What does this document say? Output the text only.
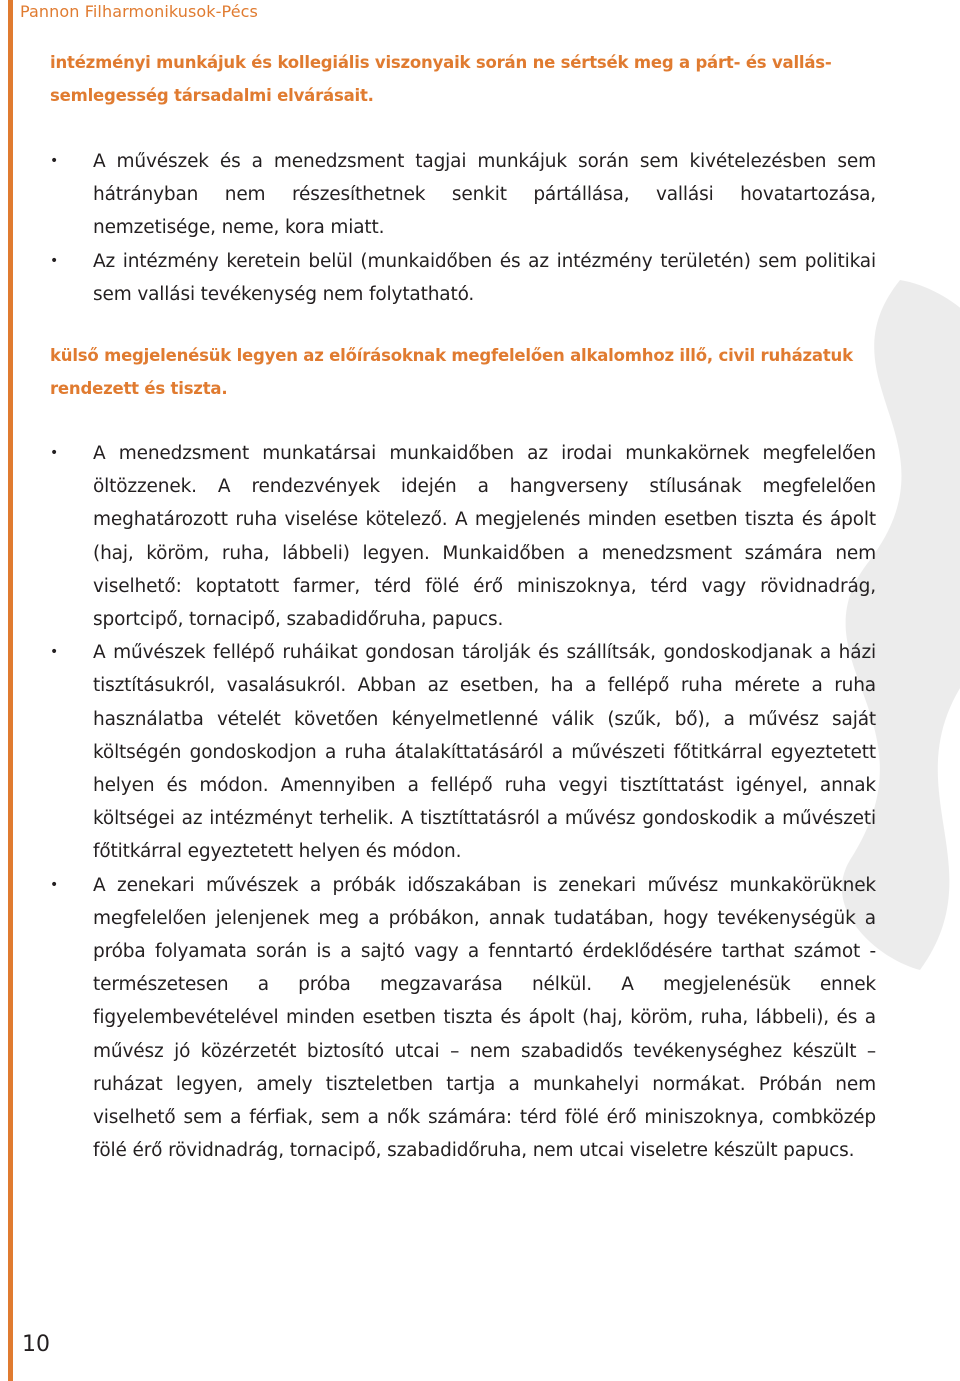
Pannon Filharmonikusok-Pécs

intézményi munkájuk és kollegiális viszonyaik során ne sértsék meg a párt- és vallás-semlegesség társadalmi elvárásait.

• A művészek és a menedzsment tagjai munkájuk során sem kivételezésben sem hátrányban nem részesíthetnek senkit pártállása, vallási hovatartozása, nemzetisége, neme, kora miatt.
• Az intézmény keretein belül (munkaidőben és az intézmény területén) sem politikai sem vallási tevékenység nem folytatható.

külső megjelenésük legyen az előírásoknak megfelelően alkalomhoz illő, civil ruházatuk rendezett és tiszta.

• A menedzsment munkatársai munkaidőben az irodai munkakörnek megfelelően öltözzenek. A rendezvények idején a hangverseny stílusának megfelelően meghatározott ruha viselése kötelező. A megjelenés minden esetben tiszta és ápolt (haj, köröm, ruha, lábbeli) legyen. Munkaidőben a menedzsment számára nem viselhető: koptatott farmer, térd fölé érő miniszoknya, térd vagy rövidnadrág, sportcipő, tornacipő, szabadidőruha, papucs.
• A művészek fellépő ruháikat gondosan tárolják és szállítsák, gondoskodjanak a házi tisztításukról, vasalásukról. Abban az esetben, ha a fellépő ruha mérete a ruha használatba vételét követően kényelmetlenné válik (szűk, bő), a művész saját költségén gondoskodjon a ruha átalakíttatásáról a művészeti főtitkárral egyeztetett helyen és módon. Amennyiben a fellépő ruha vegyi tisztíttatást igényel, annak költségei az intézményt terhelik. A tisztíttatásról a művész gondoskodik a művészeti főtitkárral egyeztetett helyen és módon.
• A zenekari művészek a próbák időszakában is zenekari művész munkakörüknek megfelelően jelenjenek meg a próbákon, annak tudatában, hogy tevékenységük a próba folyamata során is a sajtó vagy a fenntartó érdeklődésére tarthat számot - természetesen a próba megzavarása nélkül. A megjelenésük ennek figyelembevételével minden esetben tiszta és ápolt (haj, köröm, ruha, lábbeli), és a művész jó közérzetét biztosító utcai – nem szabadidős tevékenységhez készült – ruházat legyen, amely tiszteletben tartja a munkahelyi normákat. Próbán nem viselhető sem a férfiak, sem a nők számára: térd fölé érő miniszoknya, combközép fölé érő rövidnadrág, tornacipő, szabadidőruha, nem utcai viseletre készült papucs.
10
